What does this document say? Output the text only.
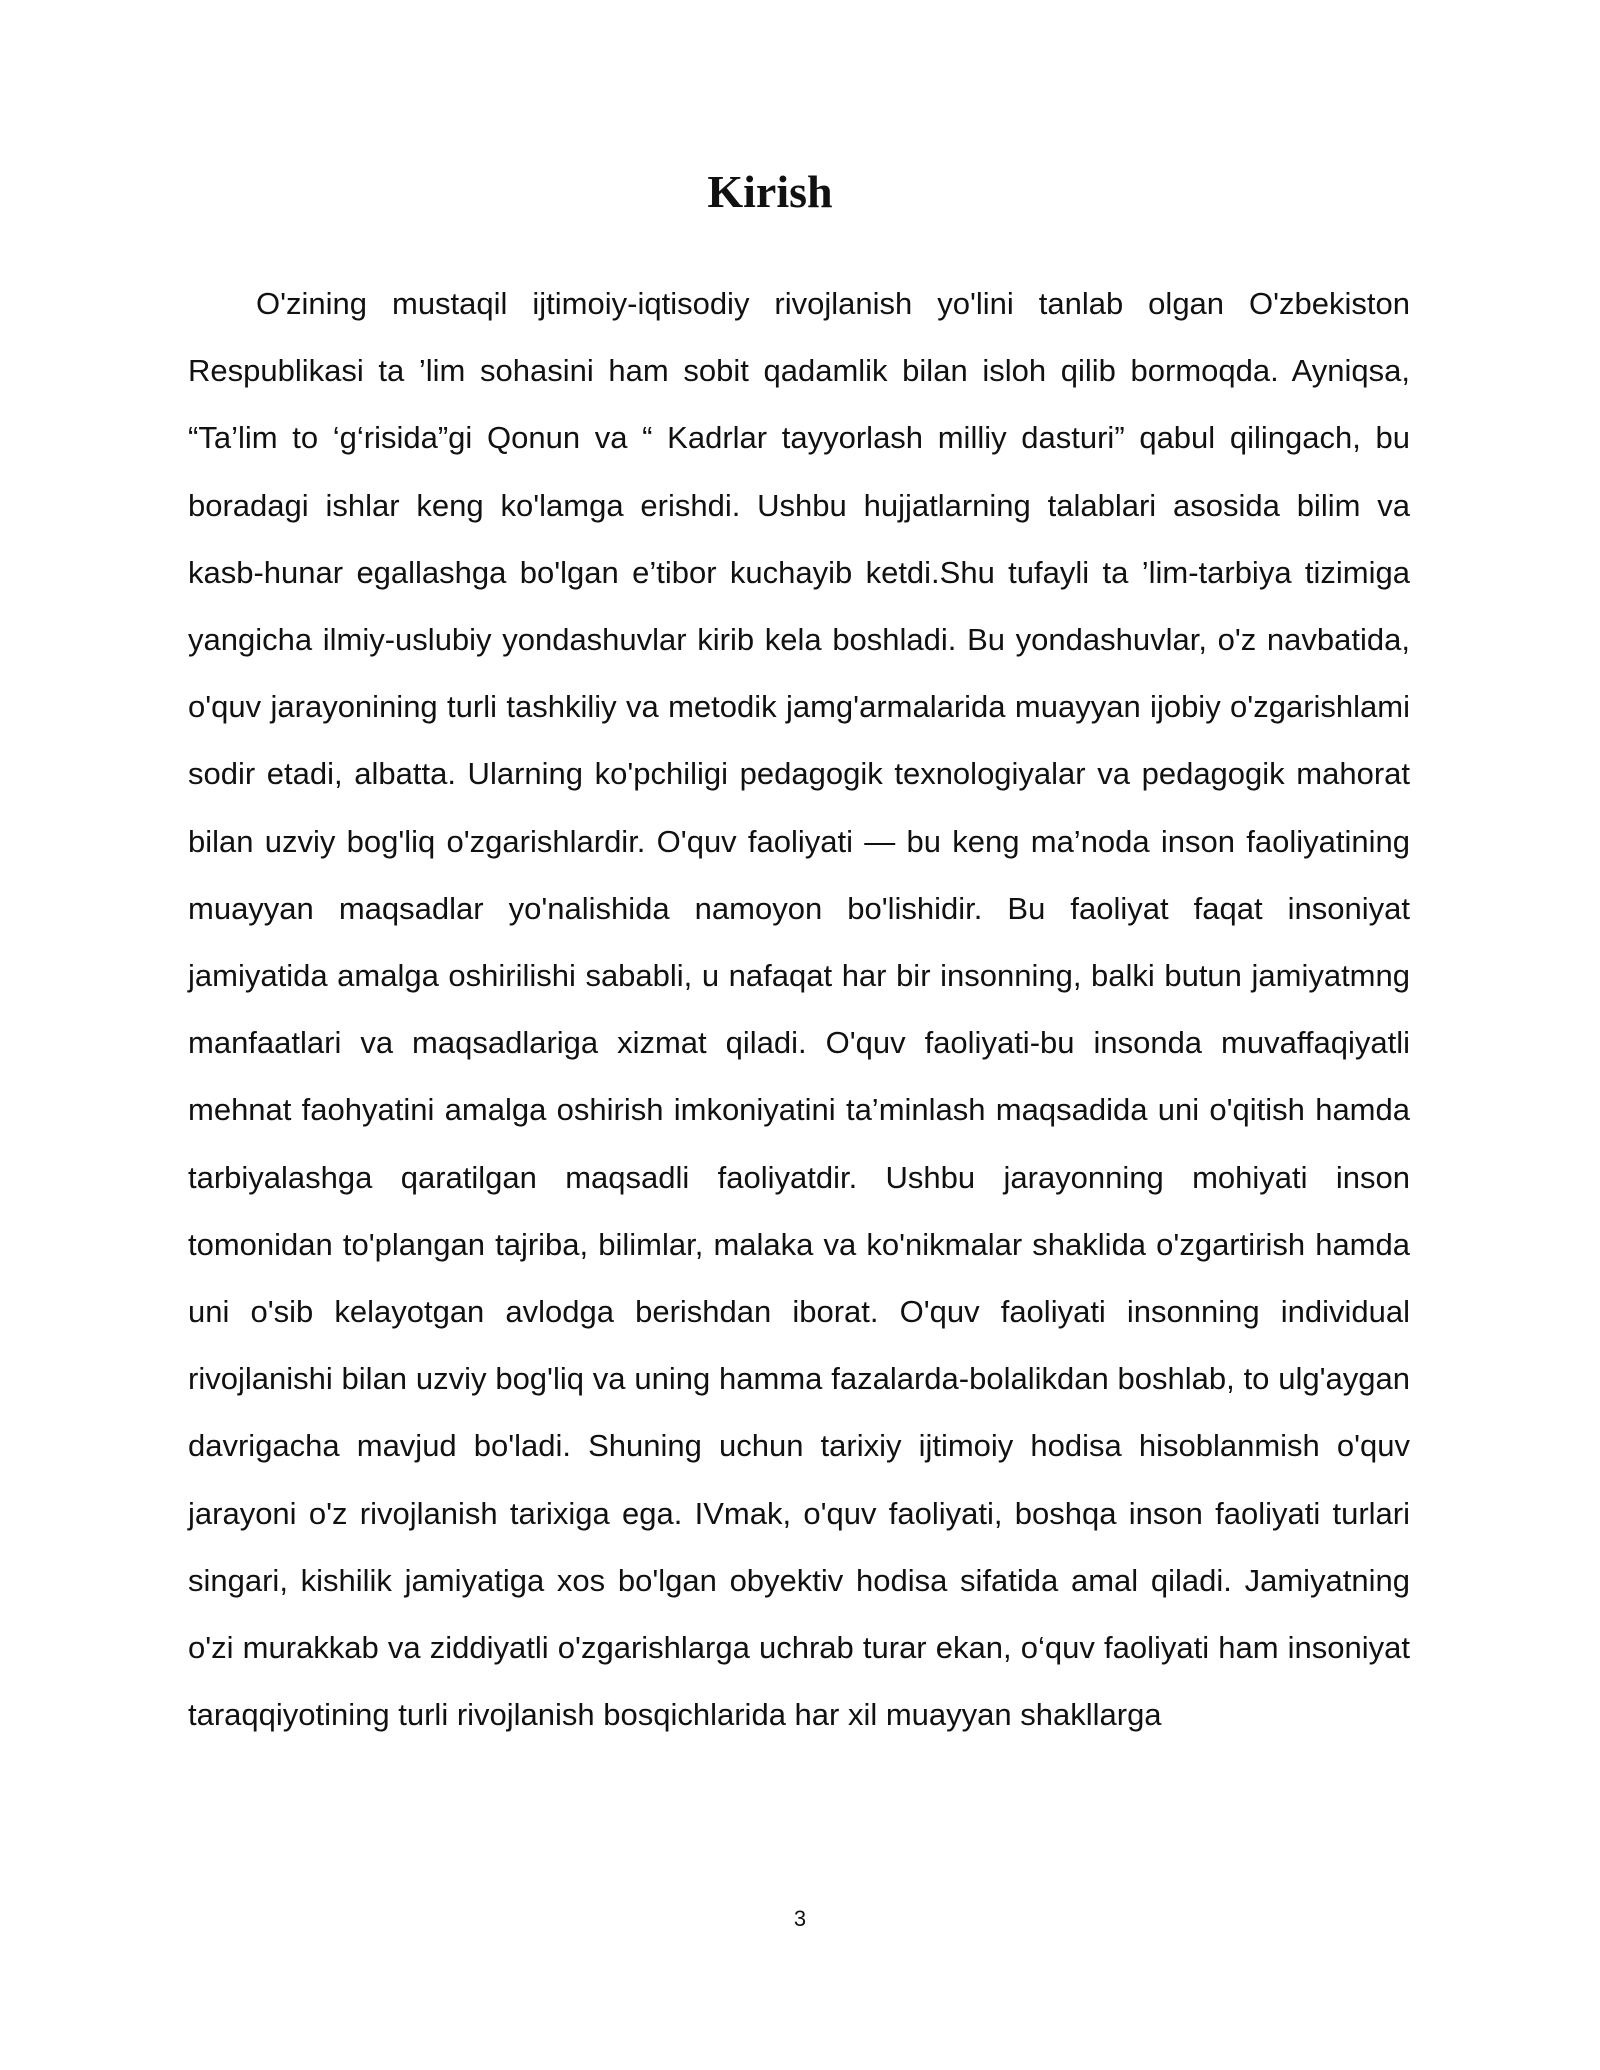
Kirish

O'zining mustaqil ijtimoiy-iqtisodiy rivojlanish yo'lini tanlab olgan O'zbekiston Respublikasi ta ’lim sohasini ham sobit qadamlik bilan isloh qilib bormoqda. Ayniqsa, “Ta’lim to ‘g‘risida”gi Qonun va “ Kadrlar tayyorlash milliy dasturi” qabul qilingach, bu boradagi ishlar keng ko'lamga erishdi. Ushbu hujjatlarning talablari asosida bilim va kasb-hunar egallashga bo'lgan e’tibor kuchayib ketdi.Shu tufayli ta ’lim-tarbiya tizimiga yangicha ilmiy-uslubiy yondashuvlar kirib kela boshladi. Bu yondashuvlar, o'z navbatida, o'quv jarayonining turli tashkiliy va metodik jamg'armalarida muayyan ijobiy o'zgarishlami sodir etadi, albatta. Ularning ko'pchiligi pedagogik texnologiyalar va pedagogik mahorat bilan uzviy bog'liq o'zgarishlardir. O'quv faoliyati — bu keng ma’noda inson faoliyatining muayyan maqsadlar yo'nalishida namoyon bo'lishidir. Bu faoliyat faqat insoniyat jamiyatida amalga oshirilishi sababli, u nafaqat har bir insonning, balki butun jamiyatmng manfaatlari va maqsadlariga xizmat qiladi. O'quv faoliyati-bu insonda muvaffaqiyatli mehnat faohyatini amalga oshirish imkoniyatini ta’minlash maqsadida uni o'qitish hamda tarbiyalashga qaratilgan maqsadli faoliyatdir. Ushbu jarayonning mohiyati inson tomonidan to'plangan tajriba, bilimlar, malaka va ko'nikmalar shaklida o'zgartirish hamda uni o'sib kelayotgan avlodga berishdan iborat. O'quv faoliyati insonning individual rivojlanishi bilan uzviy bog'liq va uning hamma fazalarda-bolalikdan boshlab, to ulg'aygan davrigacha mavjud bo'ladi. Shuning uchun tarixiy ijtimoiy hodisa hisoblanmish o'quv jarayoni o'z rivojlanish tarixiga ega. IVmak, o'quv faoliyati, boshqa inson faoliyati turlari singari, kishilik jamiyatiga xos bo'lgan obyektiv hodisa sifatida amal qiladi. Jamiyatning o'zi murakkab va ziddiyatli o'zgarishlarga uchrab turar ekan, o‘quv faoliyati ham insoniyat taraqqiyotining turli rivojlanish bosqichlarida har xil muayyan shakllarga

3
